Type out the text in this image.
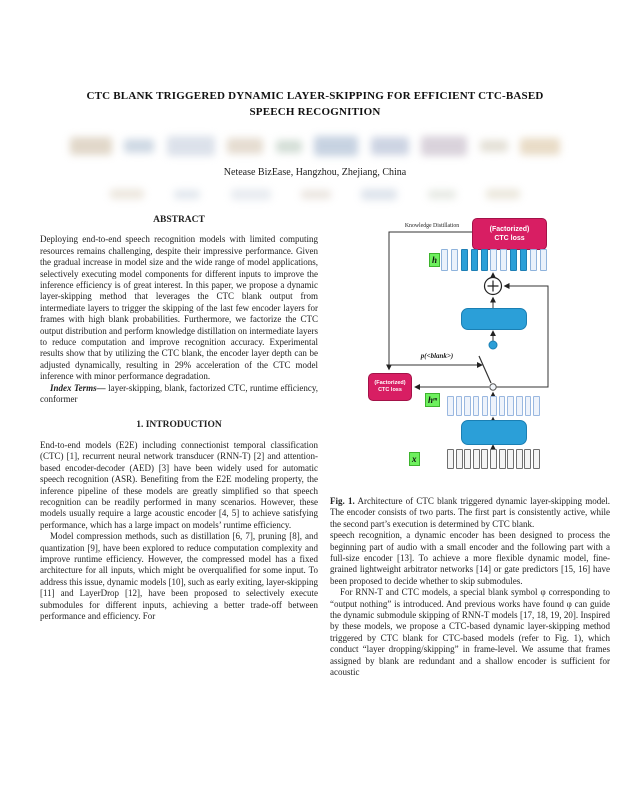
CTC BLANK TRIGGERED DYNAMIC LAYER-SKIPPING FOR EFFICIENT CTC-BASED
SPEECH RECOGNITION
Netease BizEase, Hangzhou, Zhejiang, China
ABSTRACT

Deploying end-to-end speech recognition models with limited computing resources remains challenging, despite their impressive performance. Given the gradual increase in model size and the wide range of model applications, selectively executing model components for different inputs to improve the inference efficiency is of great interest. In this paper, we propose a dynamic layer-skipping method that leverages the CTC blank output from intermediate layers to trigger the skipping of the last few encoder layers for frames with high blank probabilities. Furthermore, we factorize the CTC output distribution and perform knowledge distillation on intermediate layers to reduce computation and improve recognition accuracy. Experimental results show that by utilizing the CTC blank, the encoder layer depth can be adjusted dynamically, resulting in 29% acceleration of the CTC model inference with minor performance degradation.

Index Terms— layer-skipping, blank, factorized CTC, runtime efficiency, conformer

1. INTRODUCTION

End-to-end models (E2E) including connectionist temporal classification (CTC) [1], recurrent neural network transducer (RNN-T) [2] and attention-based encoder-decoder (AED) [3] have been widely used for automatic speech recognition (ASR). Benefiting from the E2E modeling property, the inference pipeline of these models are greatly simplified so that speech recognition can be readily performed in many scenarios. However, these models usually require a large acoustic encoder [4, 5] to achieve satisfying performance, which has a large impact on models’ runtime efficiency.

Model compression methods, such as distillation [6, 7], pruning [8], and quantization [9], have been explored to reduce computation complexity and improve runtime efficiency. However, the compressed model has a fixed architecture for all inputs, which might be overqualified for some input. To address this issue, dynamic models [10], such as early exiting, layer-skipping [11] and LayerDrop [12], have been proposed to selectively execute submodules for different inputs, achieving a better trade-off between performance and efficiency. For

(Factorized)
CTC loss
(Factorized)
CTC loss
h
hᵐ
x
Knowledge Distillation
p(<blank>)

Fig. 1. Architecture of CTC blank triggered dynamic layer-skipping model. The encoder consists of two parts. The first part is consistently active, while the second part’s execution is determined by CTC blank.

speech recognition, a dynamic encoder has been designed to process the beginning part of audio with a small encoder and the following part with a full-size encoder [13]. To achieve a more flexible dynamic model, fine-grained lightweight arbitrator networks [14] or gate predictors [15, 16] have been proposed to decide whether to skip submodules.

For RNN-T and CTC models, a special blank symbol φ corresponding to “output nothing” is introduced. And previous works have found φ can guide the dynamic submodule skipping of RNN-T models [17, 18, 19, 20]. Inspired by these models, we propose a CTC-based dynamic layer-skipping method triggered by CTC blank for CTC-based models (refer to Fig. 1), which conduct “layer dropping/skipping” in frame-level. We assume that frames assigned by blank are redundant and a shallow encoder is sufficient for acoustic
